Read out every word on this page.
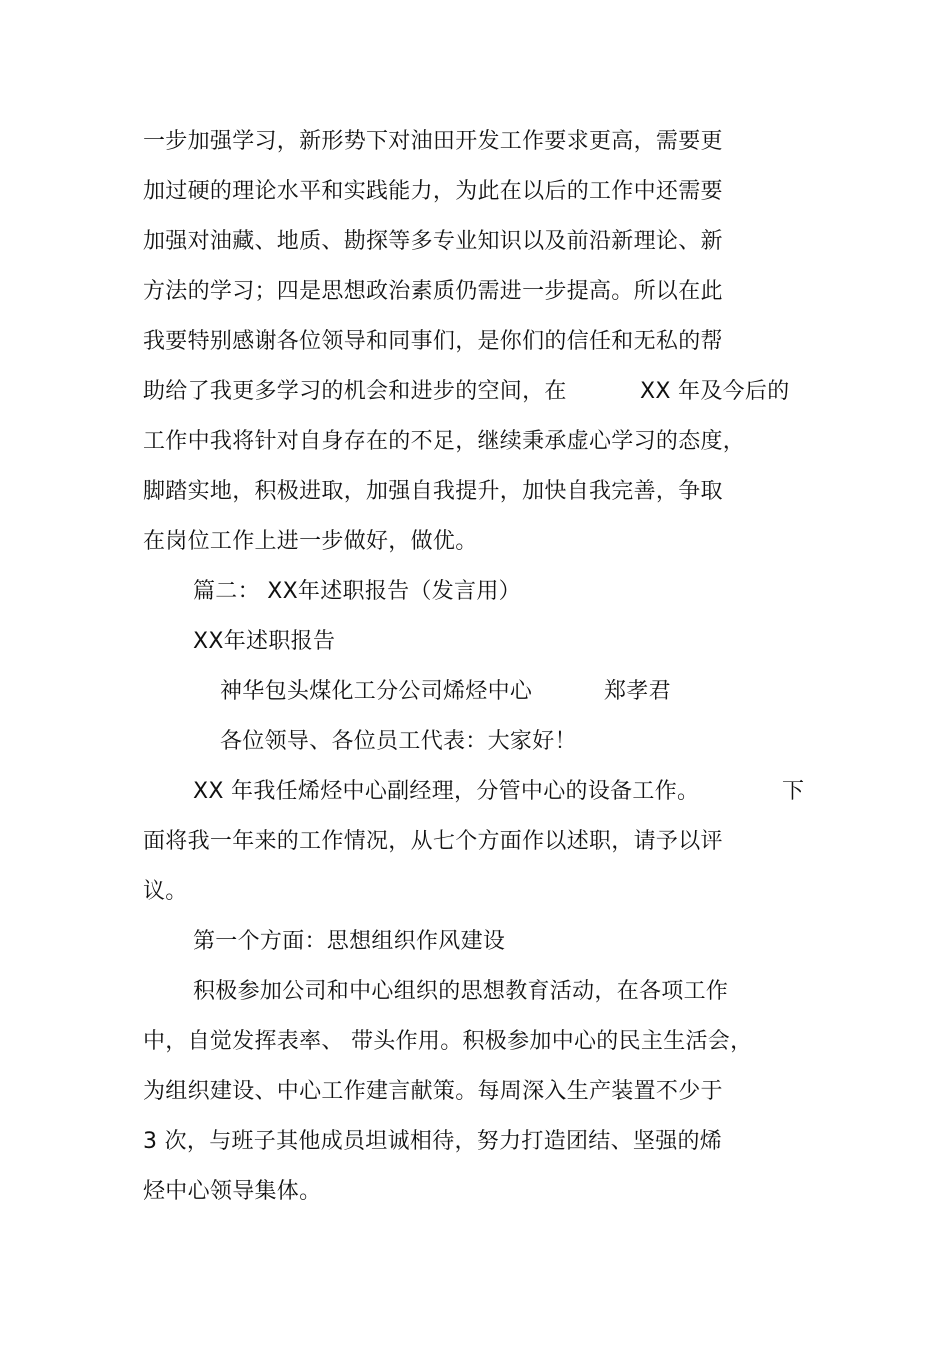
一步加强学习，新形势下对油田开发工作要求更高，需要更
加过硬的理论水平和实践能力，为此在以后的工作中还需要
加强对油藏、地质、勘探等多专业知识以及前沿新理论、新
方法的学习；四是思想政治素质仍需进一步提高。所以在此
我要特别感谢各位领导和同事们，是你们的信任和无私的帮
助给了我更多学习的机会和进步的空间，在	XX 年及今后的
工作中我将针对自身存在的不足，继续秉承虚心学习的态度，
脚踏实地，积极进取，加强自我提升，加快自我完善，争取
在岗位工作上进一步做好，做优。
篇二： XX年述职报告（发言用）
XX年述职报告
神华包头煤化工分公司烯烃中心	郑孝君
各位领导、各位员工代表：大家好！
XX 年我任烯烃中心副经理，分管中心的设备工作。	下
面将我一年来的工作情况，从七个方面作以述职，请予以评
议。
第一个方面：思想组织作风建设
积极参加公司和中心组织的思想教育活动，在各项工作
中，自觉发挥表率、 带头作用。积极参加中心的民主生活会，
为组织建设、中心工作建言献策。每周深入生产装置不少于
3 次，与班子其他成员坦诚相待，努力打造团结、坚强的烯
烃中心领导集体。
